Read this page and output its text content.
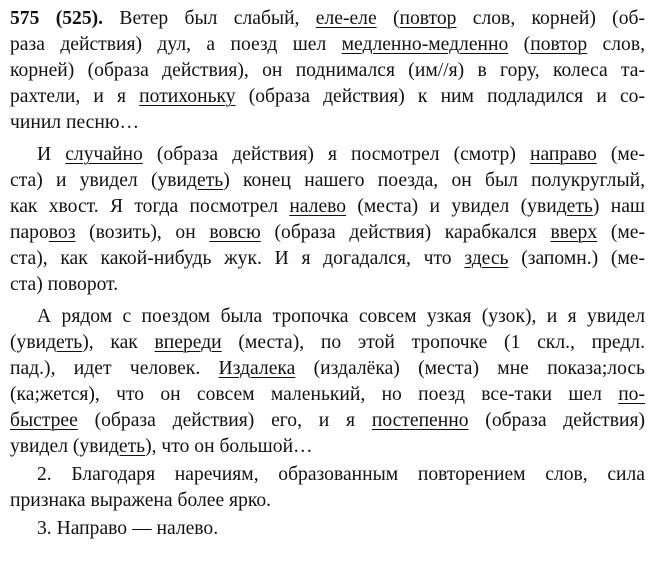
575 (525). Ветер был слабый, еле-еле (повтор слов, корней) (об-
раза действия) дул, а поезд шел медленно-медленно (повтор слов,
корней) (образа действия), он поднимался (им//я) в гору, колеса та-
рахтели, и я потихоньку (образа действия) к ним подладился и со-
чинил песню…
И случайно (образа действия) я посмотрел (смотр) направо (ме-
ста) и увидел (увидеть) конец нашего поезда, он был полукруглый,
как хвост. Я тогда посмотрел налево (места) и увидел (увидеть) наш
паровоз (возить), он вовсю (образа действия) карабкался вверх (ме-
ста), как какой-нибудь жук. И я догадался, что здесь (запомн.) (ме-
ста) поворот.
А рядом с поездом была тропочка совсем узкая (узок), и я увидел
(увидеть), как впереди (места), по этой тропочке (1 скл., предл.
пад.), идет человек. Издалека (издалёка) (места) мне показа;лось
(ка;жется), что он совсем маленький, но поезд все-таки шел по-
быстрее (образа действия) его, и я постепенно (образа действия)
увидел (увидеть), что он большой…
2. Благодаря наречиям, образованным повторением слов, сила
признака выражена более ярко.
3. Направо — налево.
